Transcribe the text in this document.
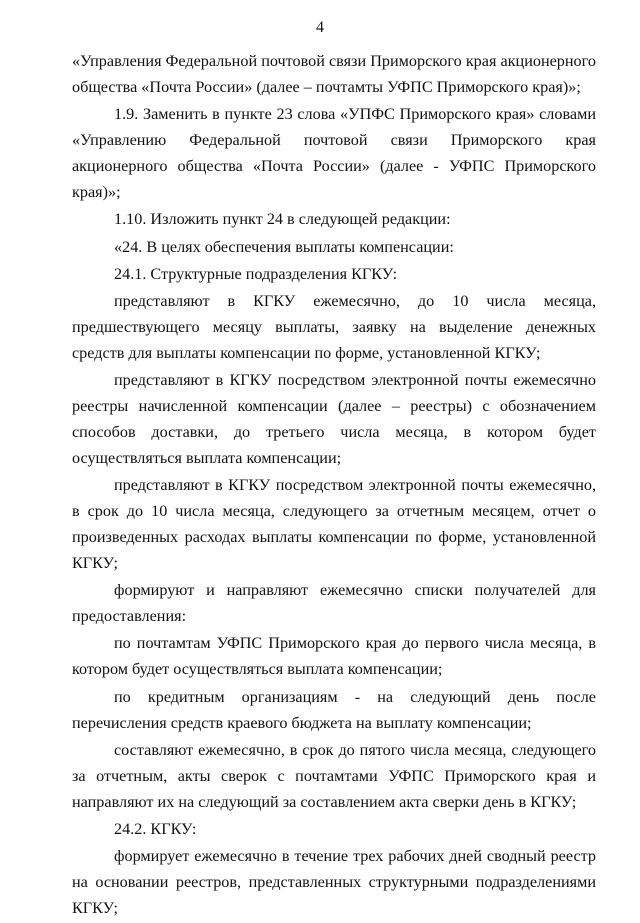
4

«Управления Федеральной почтовой связи Приморского края акционерного общества «Почта России» (далее – почтамты УФПС Приморского края)»;

1.9. Заменить в пункте 23 слова «УПФС Приморского края» словами «Управлению Федеральной почтовой связи Приморского края акционерного общества «Почта России» (далее - УФПС Приморского края)»;

1.10. Изложить пункт 24 в следующей редакции:

«24. В целях обеспечения выплаты компенсации:

24.1. Структурные подразделения КГКУ:

представляют в КГКУ ежемесячно, до 10 числа месяца, предшествующего месяцу выплаты, заявку на выделение денежных средств для выплаты компенсации по форме, установленной КГКУ;

представляют в КГКУ посредством электронной почты ежемесячно реестры начисленной компенсации (далее – реестры) с обозначением способов доставки, до третьего числа месяца, в котором будет осуществляться выплата компенсации;

представляют в КГКУ посредством электронной почты ежемесячно, в срок до 10 числа месяца, следующего за отчетным месяцем, отчет о произведенных расходах выплаты компенсации по форме, установленной КГКУ;

формируют и направляют ежемесячно списки получателей для предоставления:

по почтамтам УФПС Приморского края до первого числа месяца, в котором будет осуществляться выплата компенсации;

по кредитным организациям - на следующий день после перечисления средств краевого бюджета на выплату компенсации;

составляют ежемесячно, в срок до пятого числа месяца, следующего за отчетным, акты сверок с почтамтами УФПС Приморского края и направляют их на следующий за составлением акта сверки день в КГКУ;

24.2. КГКУ:

формирует ежемесячно в течение трех рабочих дней сводный реестр на основании реестров, представленных структурными подразделениями КГКУ;
